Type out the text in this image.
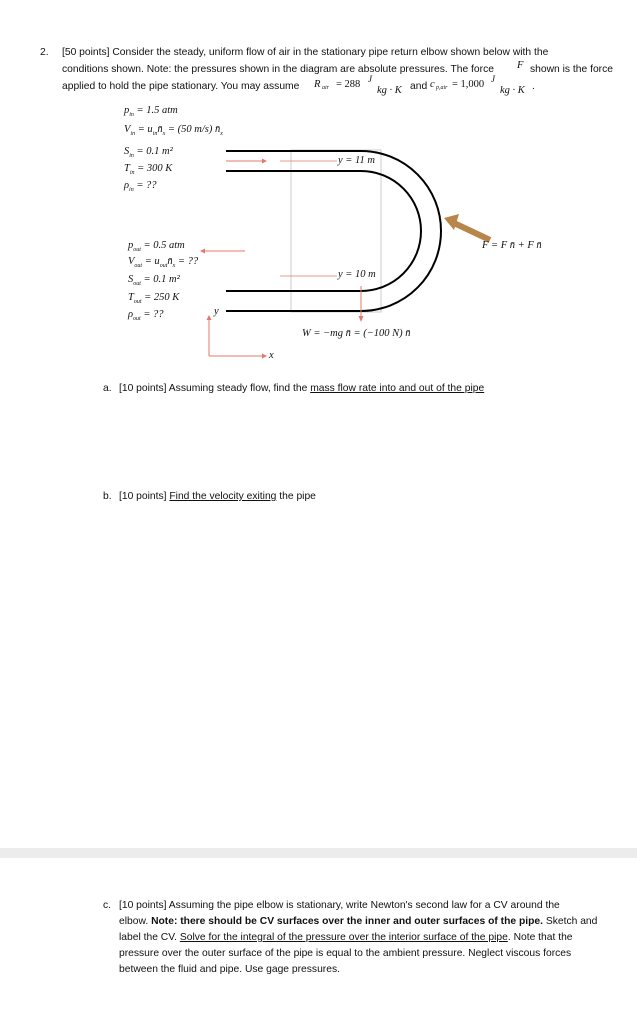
2. [50 points] Consider the steady, uniform flow of air in the stationary pipe return elbow shown below with the
conditions shown. Note: the pressures shown in the diagram are absolute pressures. The force F shown is the force
applied to hold the pipe stationary. You may assume R air = 288 J
kg · K and c p,air = 1,000 J
kg · K .
$p_{in} = 1.5$ atm
$V_{in}$ = $u_{in}n̄_x = (50$ m/s) $n̄_x$
$S_{in} = 0.1$ m²
$T_{in} = 300$ K
$\rho_{in}$ = ??
$p_{out} = 0.5$ atm
$V_{out}$ = $u_{out}n̄_x$ = ??
$S_{out} = 0.1$ m²
$T_{out} = 250$ K
$\rho_{out}$ = ??
y = 11 m
y = 10 m
F = F n̄ + F n̄
W = −mg n̄ = (−100 N) n̄
x
y
a. [10 points] Assuming steady flow, find the mass flow rate into and out of the pipe
b. [10 points] Find the velocity exiting the pipe
c. [10 points] Assuming the pipe elbow is stationary, write Newton's second law for a CV around the
elbow. Note: there should be CV surfaces over the inner and outer surfaces of the pipe. Sketch and
label the CV. Solve for the integral of the pressure over the interior surface of the pipe. Note that the
pressure over the outer surface of the pipe is equal to the ambient pressure. Neglect viscous forces
between the fluid and pipe. Use gage pressures.
